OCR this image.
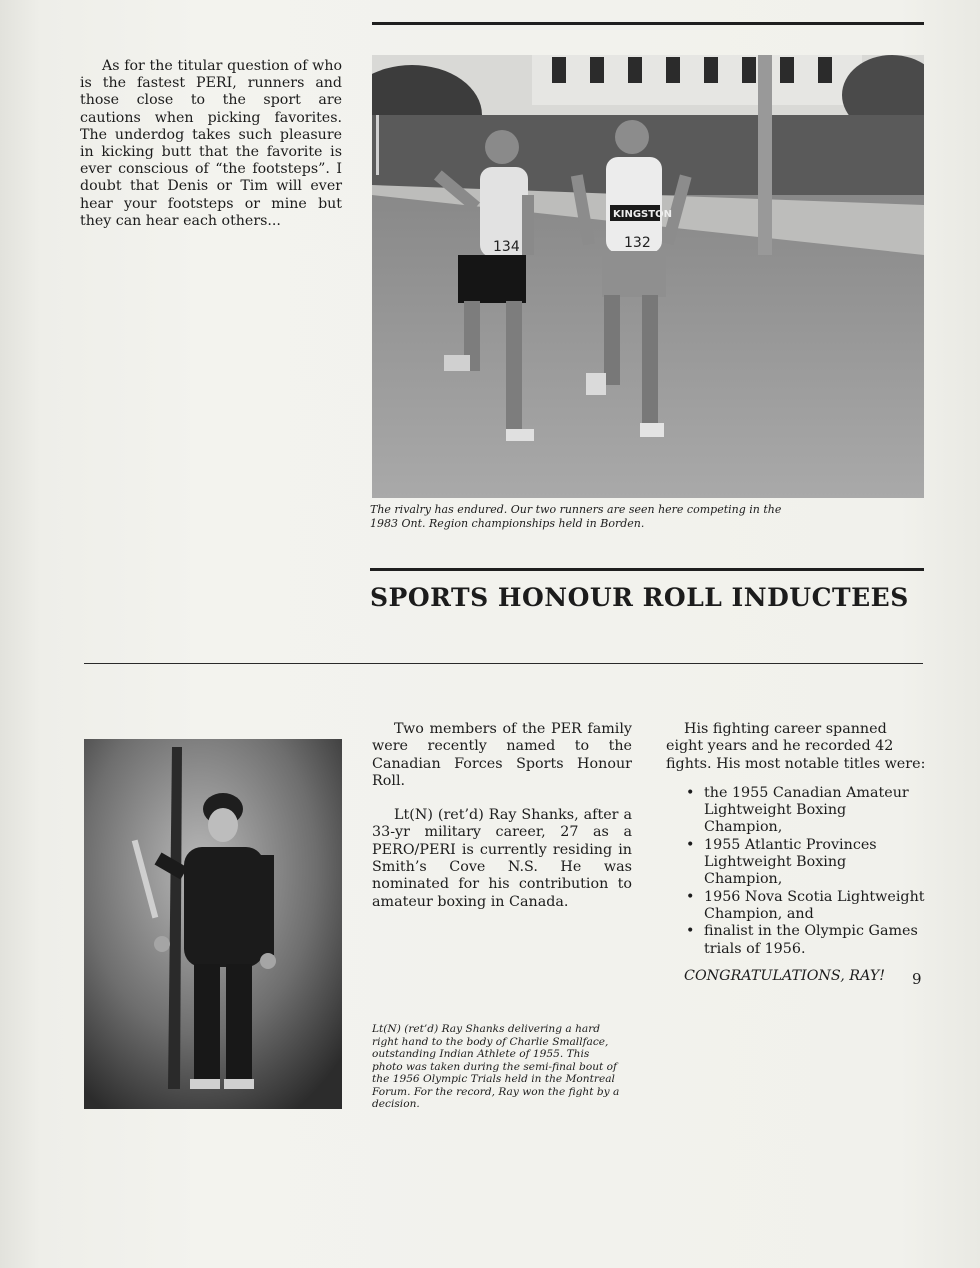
As for the titular question of who is the fastest PERI, runners and those close to the sport are cautions when picking favorites. The underdog takes such pleasure in kicking butt that the favorite is ever conscious of “the footsteps”. I doubt that Denis or Tim will ever hear your footsteps or mine but they can hear each others...

134
KINGSTON
132
The rivalry has endured. Our two runners are seen here competing in the 1983 Ont. Region championships held in Borden.
SPORTS HONOUR ROLL INDUCTEES

Two members of the PER family were recently named to the Canadian Forces Sports Honour Roll.

Lt(N) (ret’d) Ray Shanks, after a 33-yr military career, 27 as a PERO/PERI is currently residing in Smith’s Cove N.S. He was nominated for his contribution to amateur boxing in Canada.

Lt(N) (ret’d) Ray Shanks delivering a hard right hand to the body of Charlie Smallface, outstanding Indian Athlete of 1955. This photo was taken during the semi-final bout of the 1956 Olympic Trials held in the Montreal Forum. For the record, Ray won the fight by a decision.

His fighting career spanned eight years and he recorded 42 fights. His most notable titles were:

• the 1955 Canadian Amateur Lightweight Boxing Champion,
• 1955 Atlantic Provinces Lightweight Boxing Champion,
• 1956 Nova Scotia Lightweight Champion, and
• finalist in the Olympic Games trials of 1956.

CONGRATULATIONS, RAY!	9
